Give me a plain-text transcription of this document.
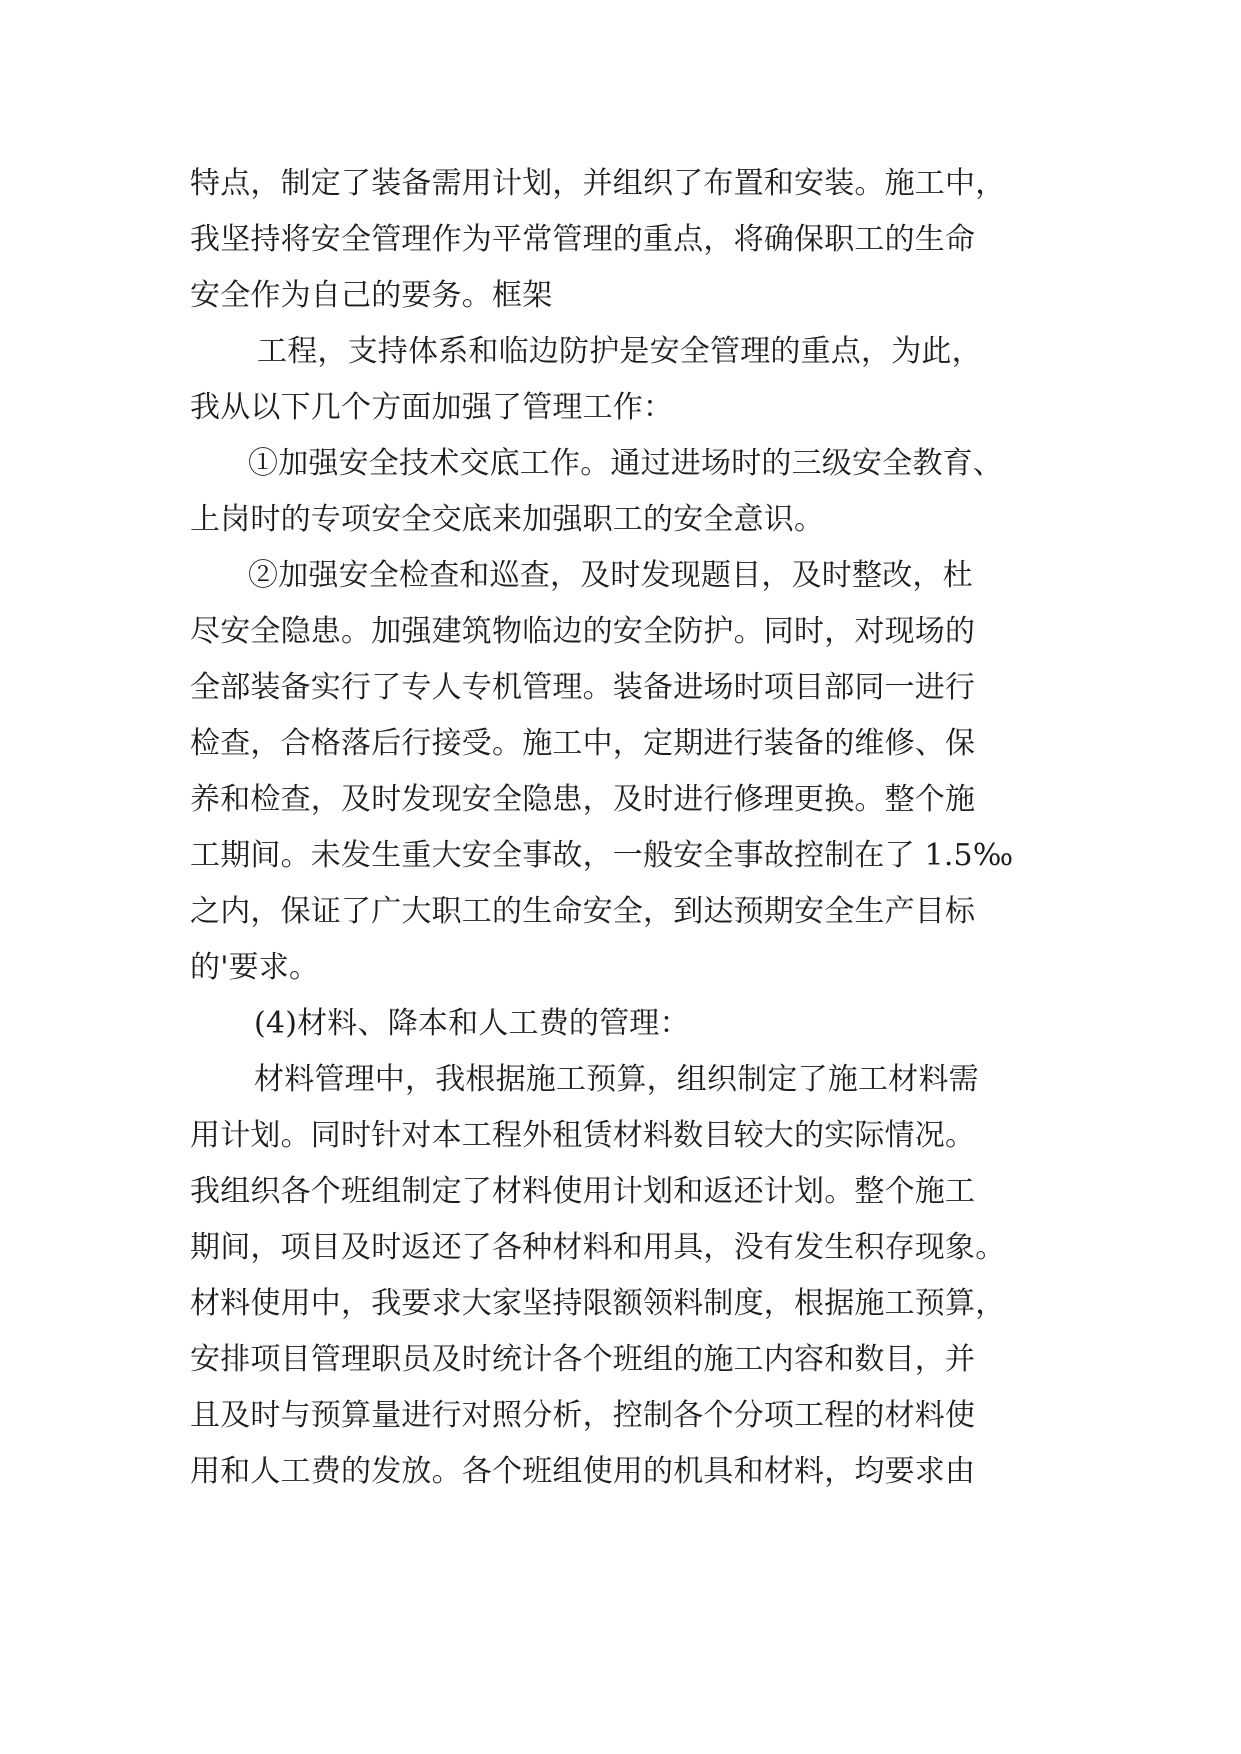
特点，制定了装备需用计划，并组织了布置和安装。施工中，
我坚持将安全管理作为平常管理的重点，将确保职工的生命
安全作为自己的要务。框架
工程，支持体系和临边防护是安全管理的重点，为此，
我从以下几个方面加强了管理工作：
①加强安全技术交底工作。通过进场时的三级安全教育、
上岗时的专项安全交底来加强职工的安全意识。
②加强安全检查和巡查，及时发现题目，及时整改，杜
尽安全隐患。加强建筑物临边的安全防护。同时，对现场的
全部装备实行了专人专机管理。装备进场时项目部同一进行
检查，合格落后行接受。施工中，定期进行装备的维修、保
养和检查，及时发现安全隐患，及时进行修理更换。整个施
工期间。未发生重大安全事故，一般安全事故控制在了 1.5‰
之内，保证了广大职工的生命安全，到达预期安全生产目标
的'要求。
(4)材料、降本和人工费的管理：
材料管理中，我根据施工预算，组织制定了施工材料需
用计划。同时针对本工程外租赁材料数目较大的实际情况。
我组织各个班组制定了材料使用计划和返还计划。整个施工
期间，项目及时返还了各种材料和用具，没有发生积存现象。
材料使用中，我要求大家坚持限额领料制度，根据施工预算，
安排项目管理职员及时统计各个班组的施工内容和数目，并
且及时与预算量进行对照分析，控制各个分项工程的材料使
用和人工费的发放。各个班组使用的机具和材料，均要求由
